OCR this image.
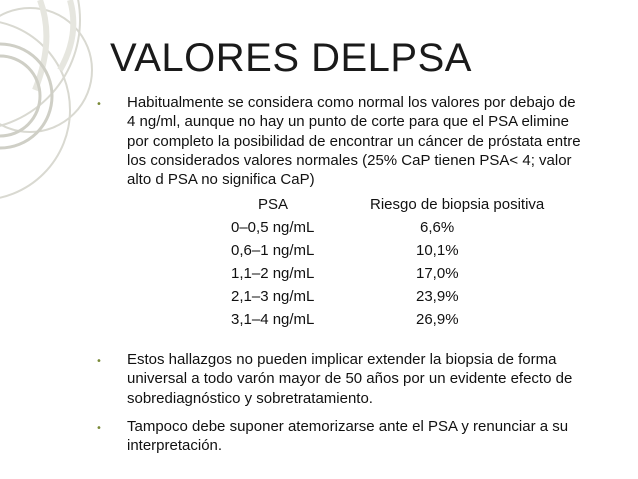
VALORES DELPSA
• Habitualmente se considera como normal los valores por debajo de
4 ng/ml, aunque no hay un punto de corte para que el PSA elimine
por completo la posibilidad de encontrar un cáncer de próstata entre
los considerados valores normales (25% CaP tienen PSA< 4; valor
alto d PSA no significa CaP)
PSA	Riesgo de biopsia positiva
0–0,5 ng/mL	6,6%
0,6–1 ng/mL	10,1%
1,1–2 ng/mL	17,0%
2,1–3 ng/mL	23,9%
3,1–4 ng/mL	26,9%
• Estos hallazgos no pueden implicar extender la biopsia de forma
universal a todo varón mayor de 50 años por un evidente efecto de
sobrediagnóstico y sobretratamiento.
• Tampoco debe suponer atemorizarse ante el PSA y renunciar a su
interpretación.
